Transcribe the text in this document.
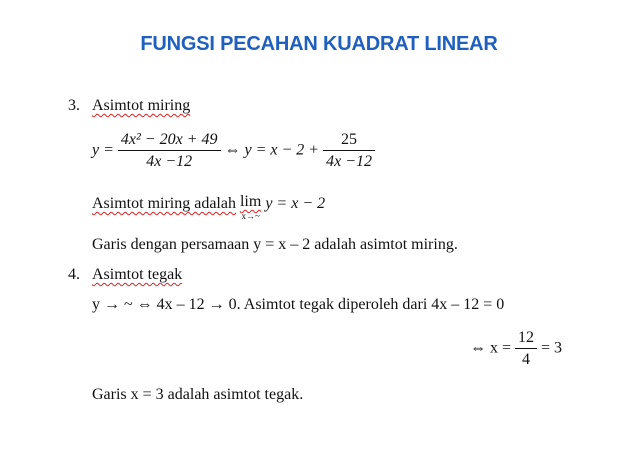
FUNGSI PECAHAN KUADRAT LINEAR
3. Asimtot miring
$y = \frac{\text{4x² − 20x + 49}}{4x -12}$ ⇔ $y = x - 2 + \frac{25}{4x -12}$
Asimtot miring adalah lim
x→~
y = x − 2
Garis dengan persamaan y = x – 2 adalah asimtot miring.
4. Asimtot tegak
y → ~ ⇔ 4x – 12 → 0. Asimtot tegak diperoleh dari 4x – 12 = 0
⇔ $x = \frac{12}{4} = 3$
Garis x = 3 adalah asimtot tegak.
